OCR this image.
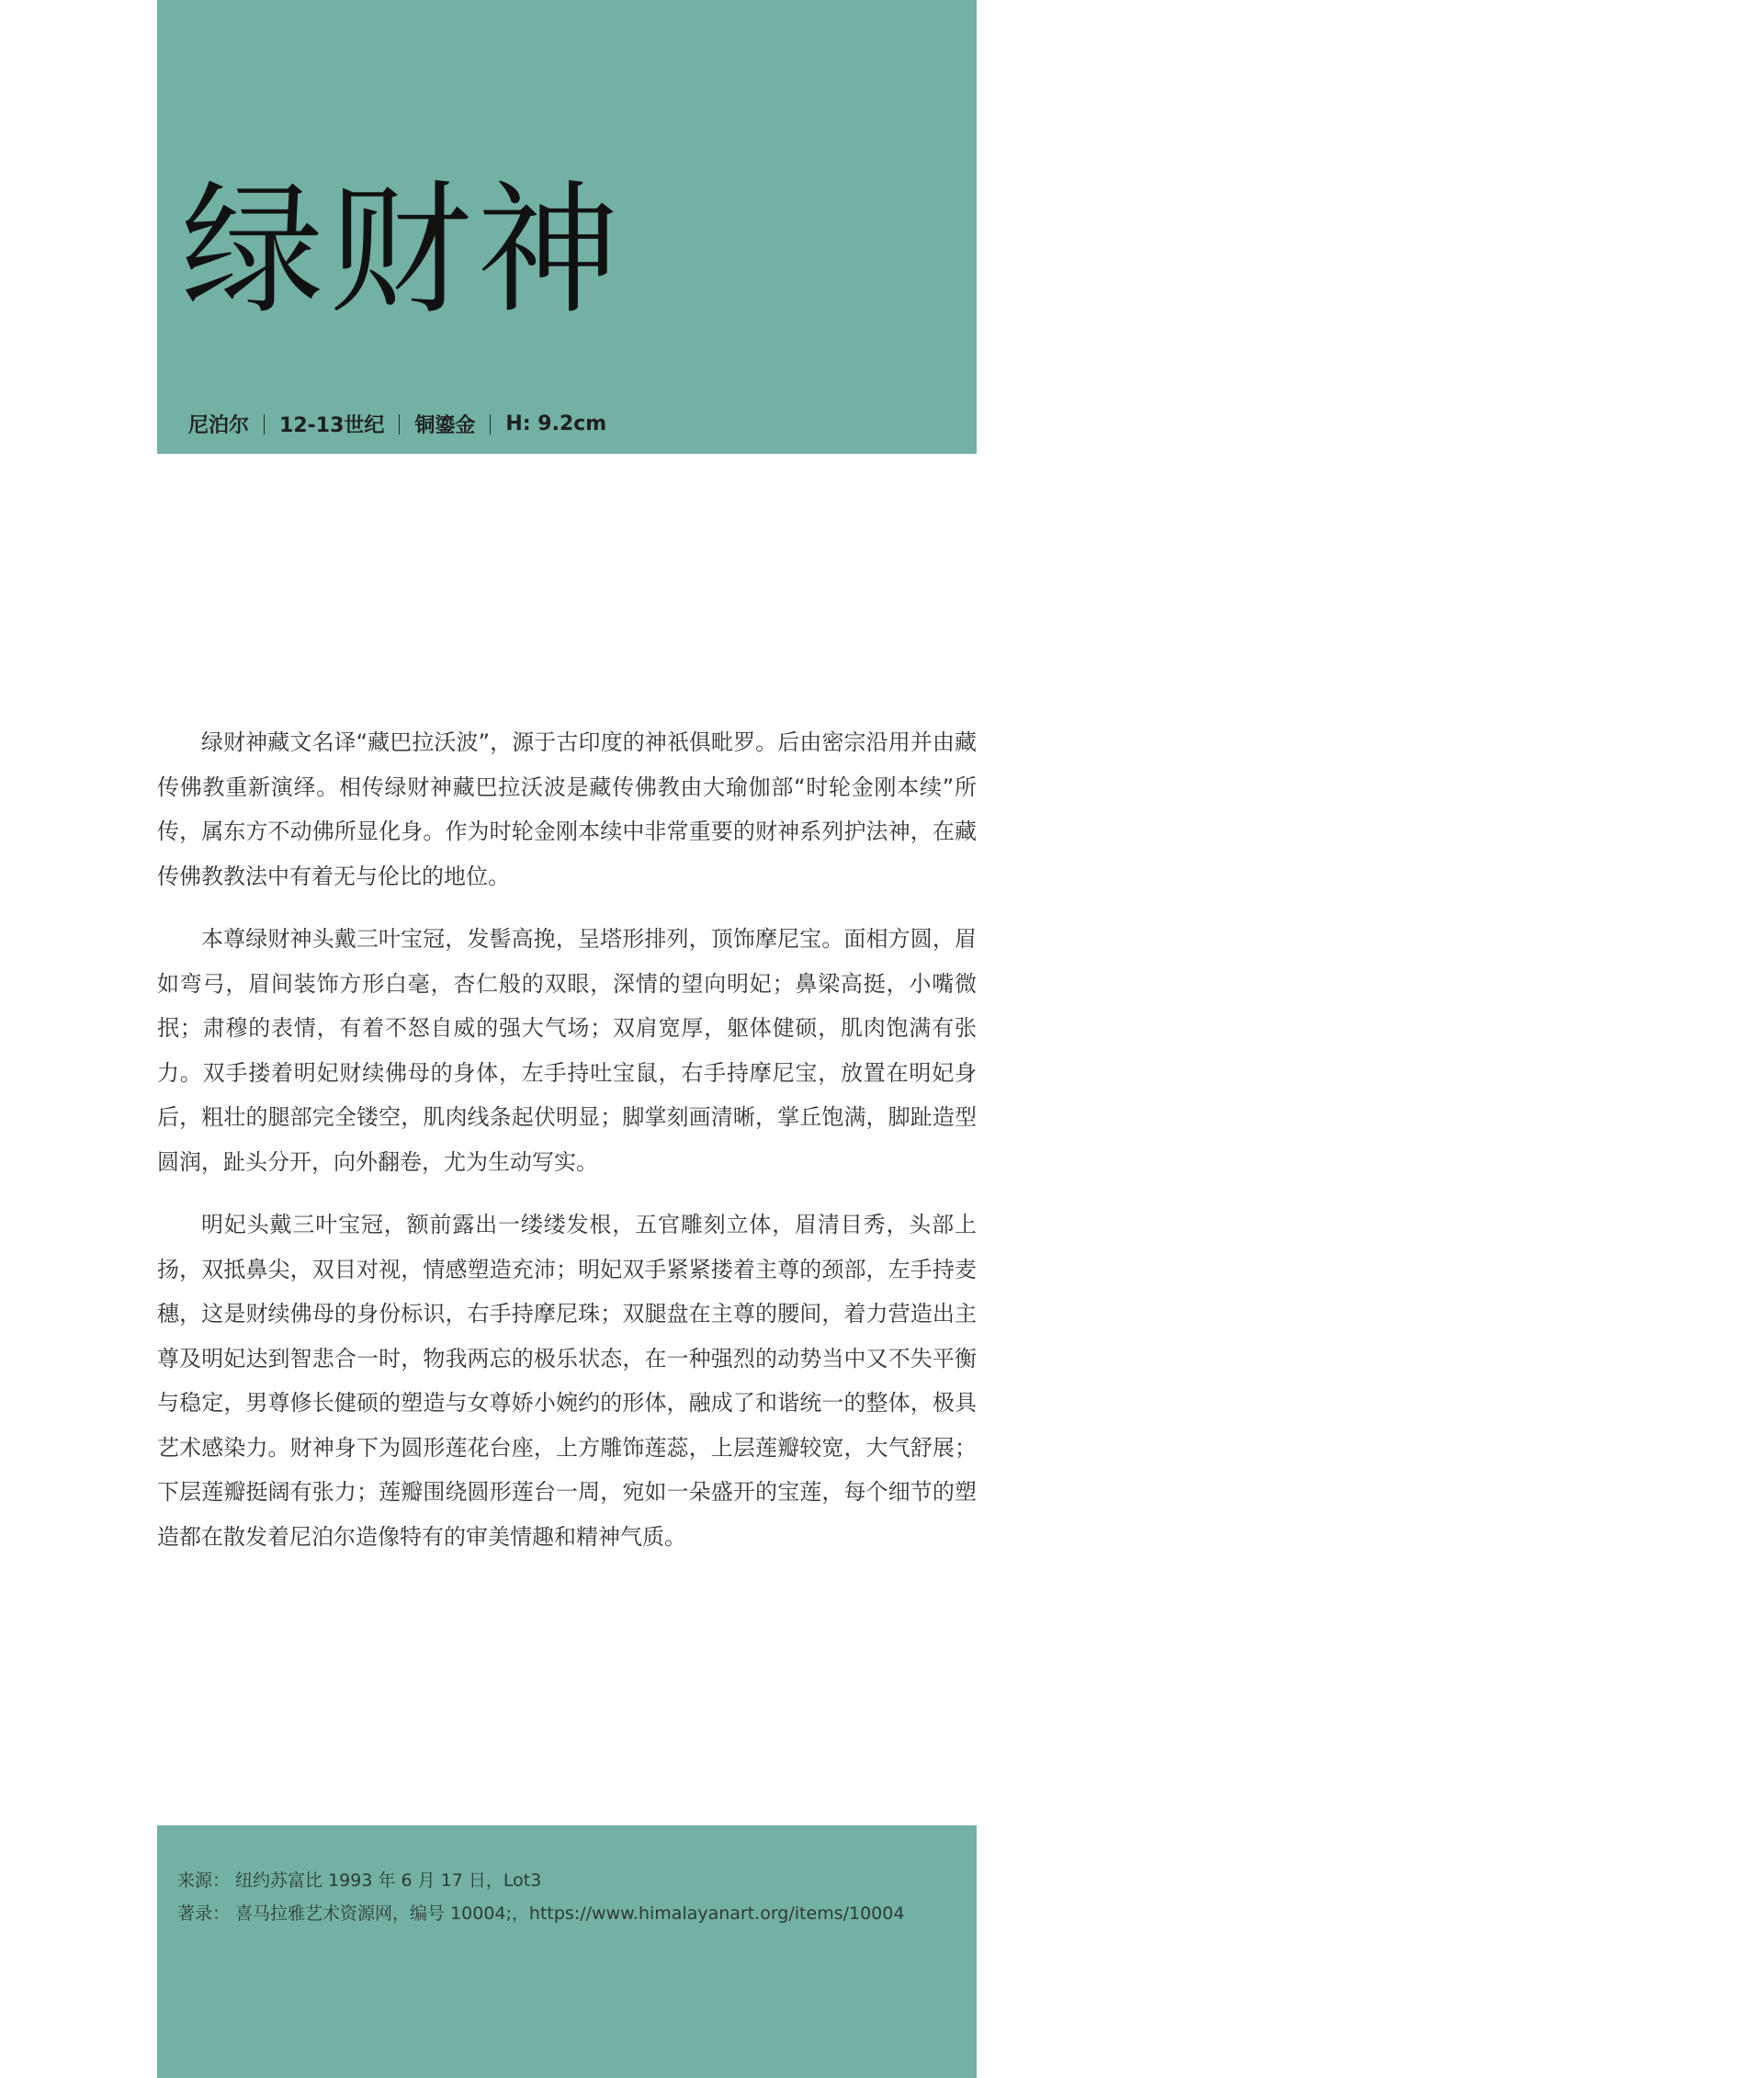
绿财神
尼泊尔 12-13世纪 铜鎏金 H: 9.2cm

绿财神藏文名译“藏巴拉沃波”，源于古印度的神祇俱毗罗。后由密宗沿用并由藏传佛教重新演绎。相传绿财神藏巴拉沃波是藏传佛教由大瑜伽部“时轮金刚本续”所传，属东方不动佛所显化身。作为时轮金刚本续中非常重要的财神系列护法神，在藏传佛教教法中有着无与伦比的地位。

本尊绿财神头戴三叶宝冠，发髻高挽，呈塔形排列，顶饰摩尼宝。面相方圆，眉如弯弓，眉间装饰方形白毫，杏仁般的双眼，深情的望向明妃；鼻梁高挺，小嘴微抿；肃穆的表情，有着不怒自威的强大气场；双肩宽厚，躯体健硕，肌肉饱满有张力。双手搂着明妃财续佛母的身体，左手持吐宝鼠，右手持摩尼宝，放置在明妃身后，粗壮的腿部完全镂空，肌肉线条起伏明显；脚掌刻画清晰，掌丘饱满，脚趾造型圆润，趾头分开，向外翻卷，尤为生动写实。

明妃头戴三叶宝冠，额前露出一缕缕发根，五官雕刻立体，眉清目秀，头部上扬，双抵鼻尖，双目对视，情感塑造充沛；明妃双手紧紧搂着主尊的颈部，左手持麦穗，这是财续佛母的身份标识，右手持摩尼珠；双腿盘在主尊的腰间，着力营造出主尊及明妃达到智悲合一时，物我两忘的极乐状态，在一种强烈的动势当中又不失平衡与稳定，男尊修长健硕的塑造与女尊娇小婉约的形体，融成了和谐统一的整体，极具艺术感染力。财神身下为圆形莲花台座，上方雕饰莲蕊，上层莲瓣较宽，大气舒展；下层莲瓣挺阔有张力；莲瓣围绕圆形莲台一周，宛如一朵盛开的宝莲，每个细节的塑造都在散发着尼泊尔造像特有的审美情趣和精神气质。

来源： 纽约苏富比 1993 年 6 月 17 日，Lot3
著录： 喜马拉雅艺术资源网，编号 10004;，https://www.himalayanart.org/items/10004
